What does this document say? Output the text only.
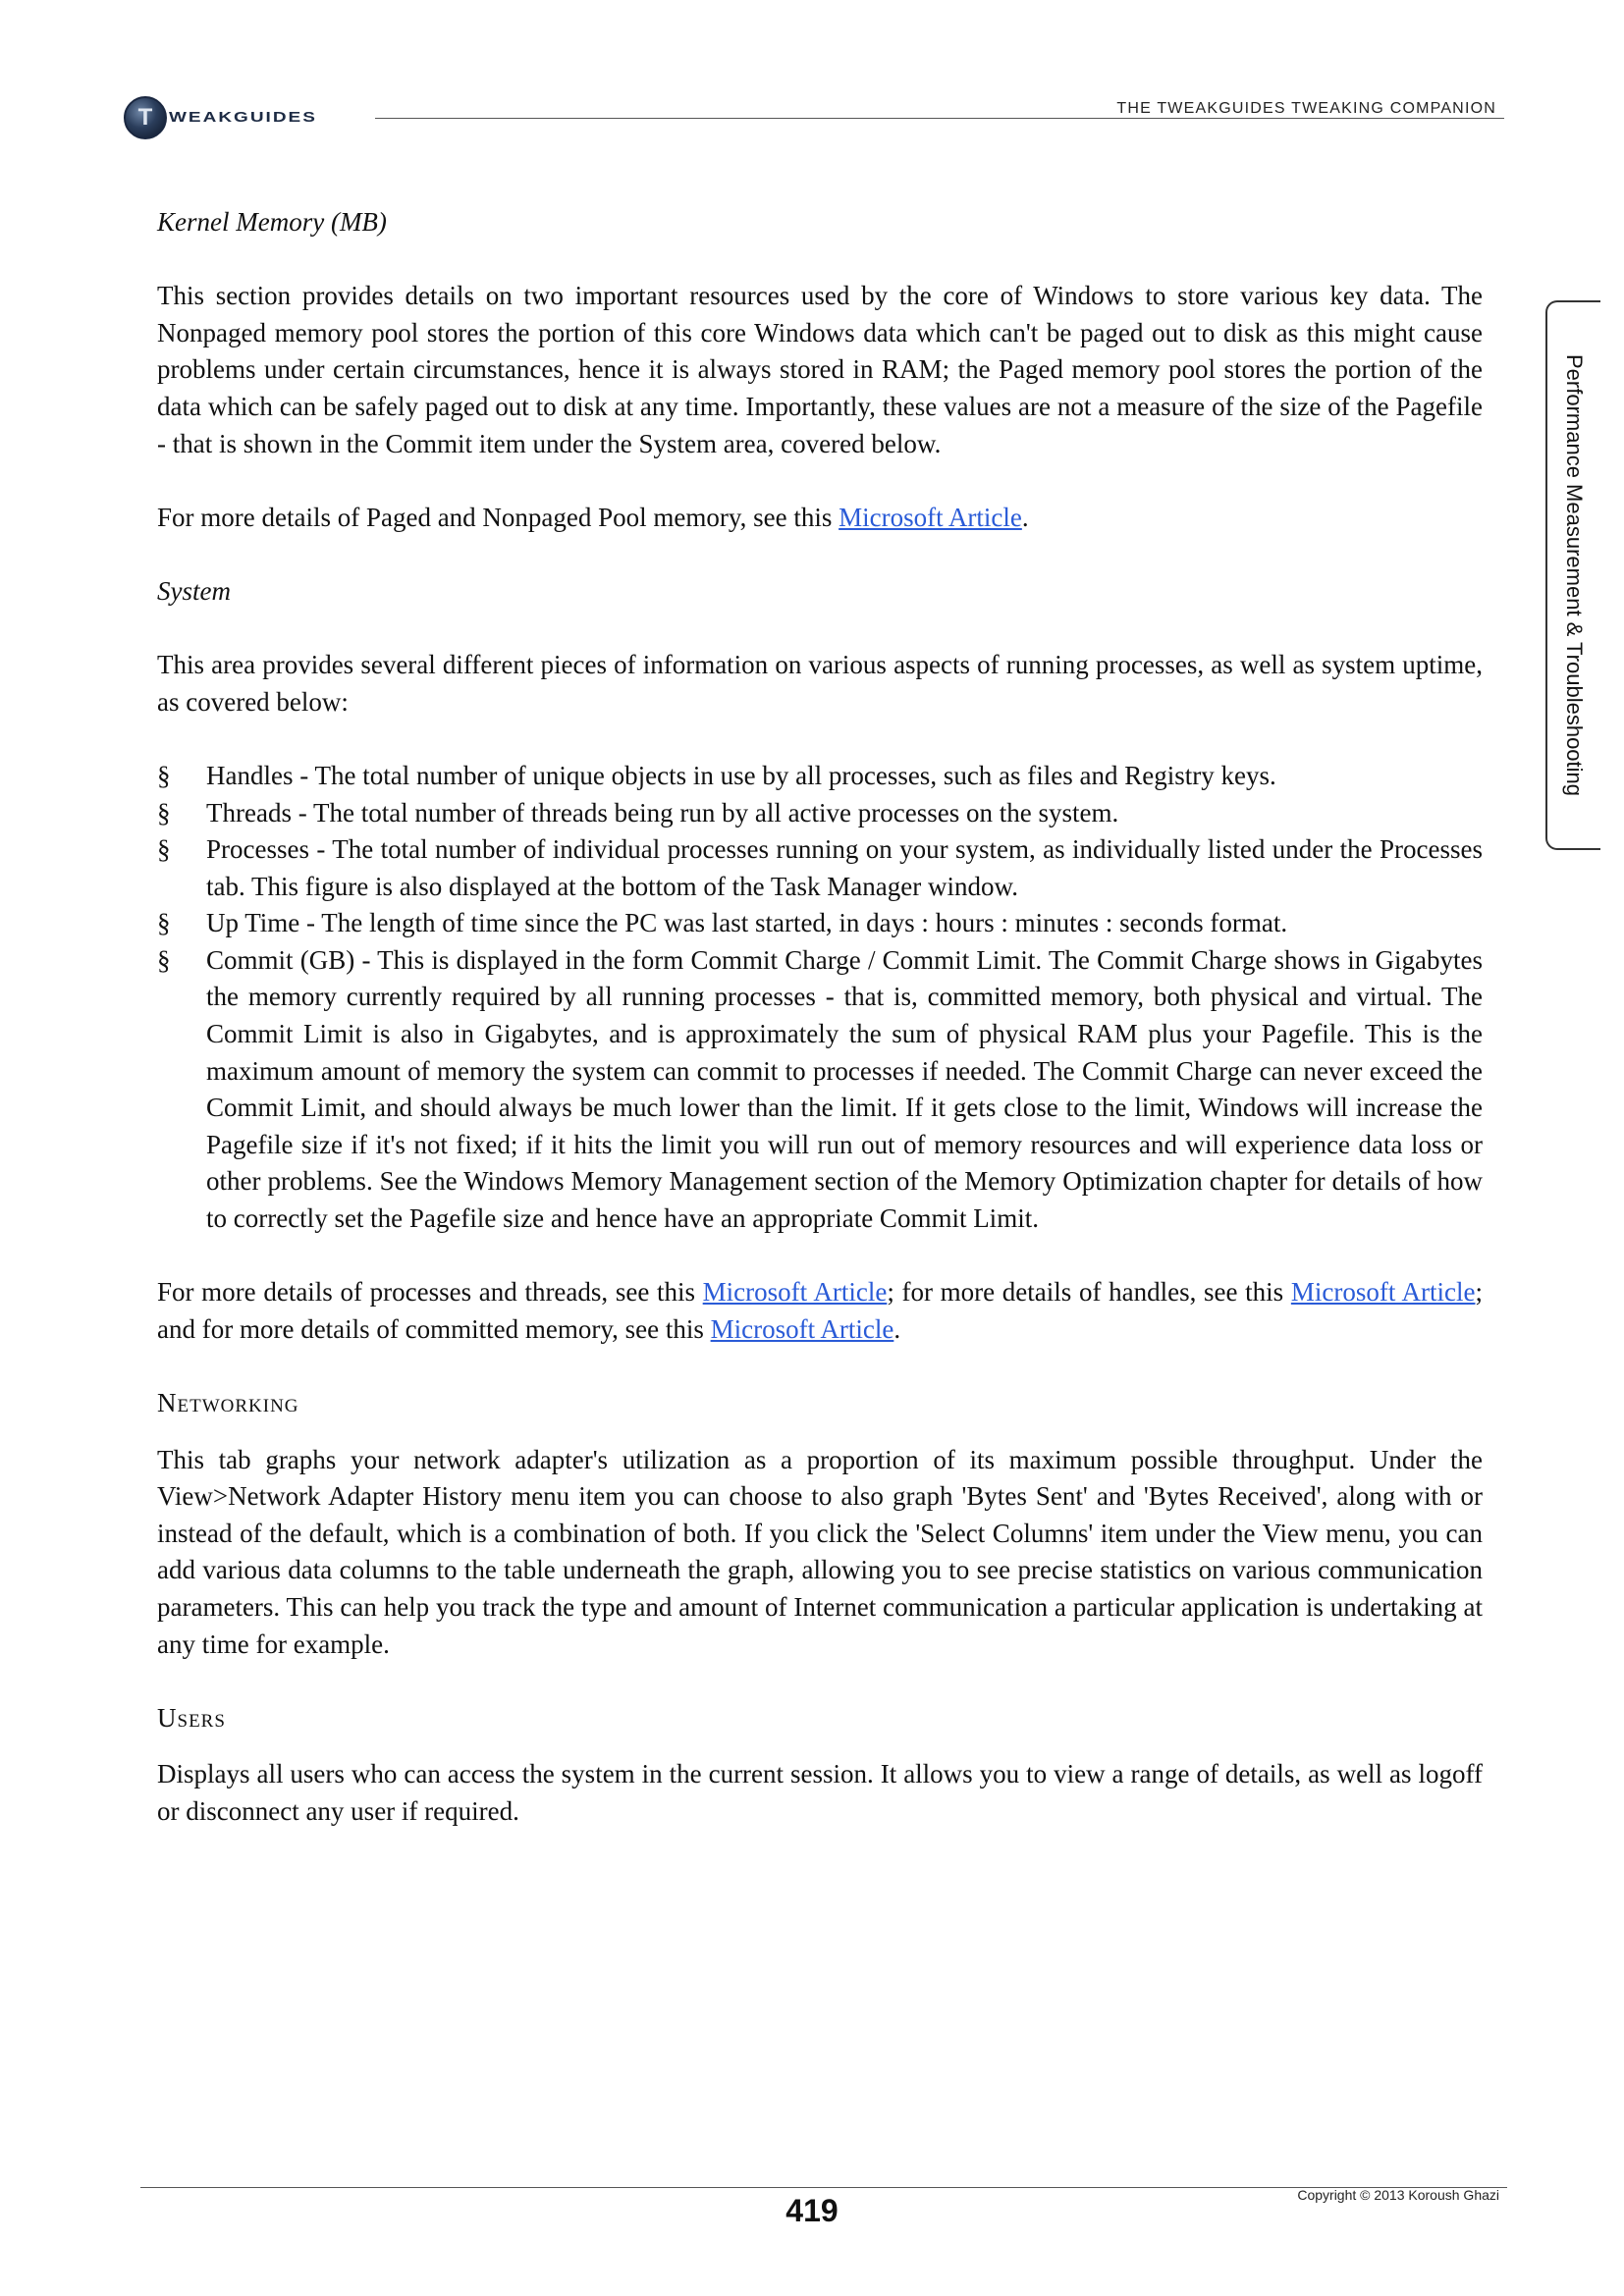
T WEAKGUIDES
THE TWEAKGUIDES TWEAKING COMPANION
Performance Measurement & Troubleshooting

Kernel Memory (MB)

This section provides details on two important resources used by the core of Windows to store various key data. The Nonpaged memory pool stores the portion of this core Windows data which can't be paged out to disk as this might cause problems under certain circumstances, hence it is always stored in RAM; the Paged memory pool stores the portion of the data which can be safely paged out to disk at any time. Importantly, these values are not a measure of the size of the Pagefile - that is shown in the Commit item under the System area, covered below.

For more details of Paged and Nonpaged Pool memory, see this Microsoft Article.

System

This area provides several different pieces of information on various aspects of running processes, as well as system uptime, as covered below:

§ Handles - The total number of unique objects in use by all processes, such as files and Registry keys.
§ Threads - The total number of threads being run by all active processes on the system.
§ Processes - The total number of individual processes running on your system, as individually listed under the Processes tab. This figure is also displayed at the bottom of the Task Manager window.
§ Up Time - The length of time since the PC was last started, in days : hours : minutes : seconds format.
§ Commit (GB) - This is displayed in the form Commit Charge / Commit Limit. The Commit Charge shows in Gigabytes the memory currently required by all running processes - that is, committed memory, both physical and virtual. The Commit Limit is also in Gigabytes, and is approximately the sum of physical RAM plus your Pagefile. This is the maximum amount of memory the system can commit to processes if needed. The Commit Charge can never exceed the Commit Limit, and should always be much lower than the limit. If it gets close to the limit, Windows will increase the Pagefile size if it's not fixed; if it hits the limit you will run out of memory resources and will experience data loss or other problems. See the Windows Memory Management section of the Memory Optimization chapter for details of how to correctly set the Pagefile size and hence have an appropriate Commit Limit.

For more details of processes and threads, see this Microsoft Article; for more details of handles, see this Microsoft Article; and for more details of committed memory, see this Microsoft Article.

Networking

This tab graphs your network adapter's utilization as a proportion of its maximum possible throughput. Under the View>Network Adapter History menu item you can choose to also graph 'Bytes Sent' and 'Bytes Received', along with or instead of the default, which is a combination of both. If you click the 'Select Columns' item under the View menu, you can add various data columns to the table underneath the graph, allowing you to see precise statistics on various communication parameters. This can help you track the type and amount of Internet communication a particular application is undertaking at any time for example.

Users

Displays all users who can access the system in the current session. It allows you to view a range of details, as well as logoff or disconnect any user if required.

419	Copyright © 2013 Koroush Ghazi
